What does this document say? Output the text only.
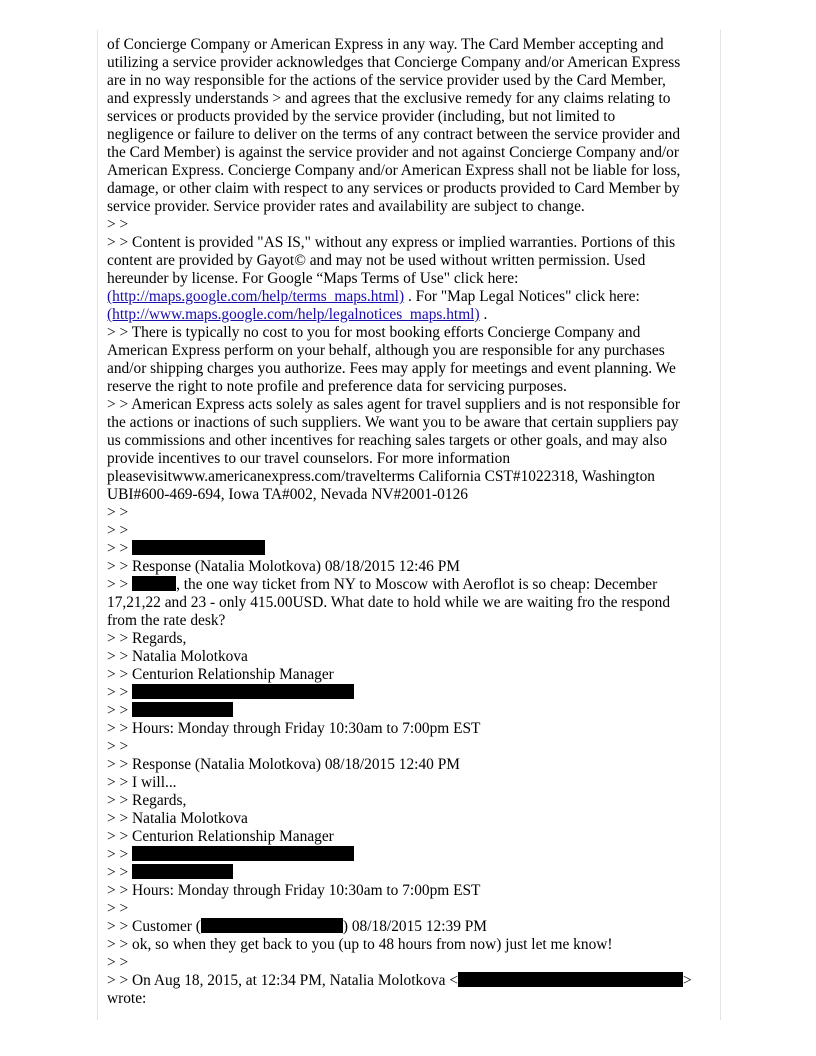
of Concierge Company or American Express in any way. The Card Member accepting and
utilizing a service provider acknowledges that Concierge Company and/or American Express
are in no way responsible for the actions of the service provider used by the Card Member,
and expressly understands > and agrees that the exclusive remedy for any claims relating to
services or products provided by the service provider (including, but not limited to
negligence or failure to deliver on the terms of any contract between the service provider and
the Card Member) is against the service provider and not against Concierge Company and/or
American Express. Concierge Company and/or American Express shall not be liable for loss,
damage, or other claim with respect to any services or products provided to Card Member by
service provider. Service provider rates and availability are subject to change.
> >
> > Content is provided "AS IS," without any express or implied warranties. Portions of this
content are provided by Gayot© and may not be used without written permission. Used
hereunder by license. For Google “Maps Terms of Use" click here:
(http://maps.google.com/help/terms_maps.html) . For "Map Legal Notices" click here:
(http://www.maps.google.com/help/legalnotices_maps.html) .
> > There is typically no cost to you for most booking efforts Concierge Company and
American Express perform on your behalf, although you are responsible for any purchases
and/or shipping charges you authorize. Fees may apply for meetings and event planning. We
reserve the right to note profile and preference data for servicing purposes.
> > American Express acts solely as sales agent for travel suppliers and is not responsible for
the actions or inactions of such suppliers. We want you to be aware that certain suppliers pay
us commissions and other incentives for reaching sales targets or other goals, and may also
provide incentives to our travel counselors. For more information
pleasevisitwww.americanexpress.com/travelterms California CST#1022318, Washington
UBI#600-469-694, Iowa TA#002, Nevada NV#2001-0126
> >
> >
> >
> > Response (Natalia Molotkova) 08/18/2015 12:46 PM
> >	, the one way ticket from NY to Moscow with Aeroflot is so cheap: December
17,21,22 and 23 - only 415.00USD. What date to hold while we are waiting fro the respond
from the rate desk?
> > Regards,
> > Natalia Molotkova
> > Centurion Relationship Manager
> >
> >
> > Hours: Monday through Friday 10:30am to 7:00pm EST
> >
> > Response (Natalia Molotkova) 08/18/2015 12:40 PM
> > I will...
> > Regards,
> > Natalia Molotkova
> > Centurion Relationship Manager
> >
> >
> > Hours: Monday through Friday 10:30am to 7:00pm EST
> >
> > Customer (	) 08/18/2015 12:39 PM
> > ok, so when they get back to you (up to 48 hours from now) just let me know!
> >
> > On Aug 18, 2015, at 12:34 PM, Natalia Molotkova <	>
wrote:
